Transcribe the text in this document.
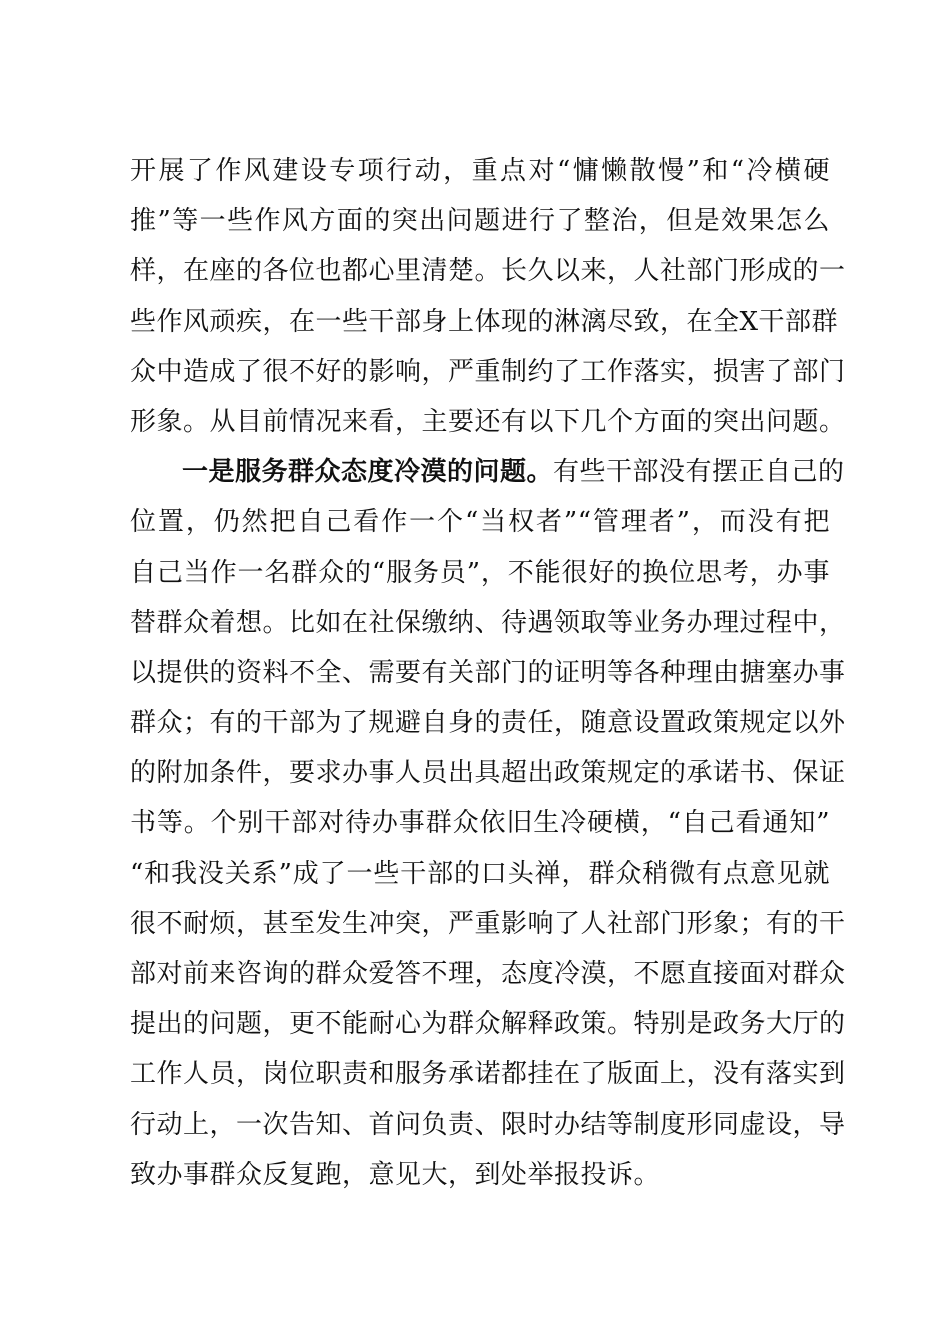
开展了作风建设专项行动，重点对“慵懒散慢”和“冷横硬
推”等一些作风方面的突出问题进行了整治，但是效果怎么
样，在座的各位也都心里清楚。长久以来，人社部门形成的一
些作风顽疾，在一些干部身上体现的淋漓尽致，在全X干部群
众中造成了很不好的影响，严重制约了工作落实，损害了部门
形象。从目前情况来看，主要还有以下几个方面的突出问题。
一是服务群众态度冷漠的问题。有些干部没有摆正自己的
位置，仍然把自己看作一个“当权者”“管理者”，而没有把
自己当作一名群众的“服务员”，不能很好的换位思考，办事
替群众着想。比如在社保缴纳、待遇领取等业务办理过程中，
以提供的资料不全、需要有关部门的证明等各种理由搪塞办事
群众；有的干部为了规避自身的责任，随意设置政策规定以外
的附加条件，要求办事人员出具超出政策规定的承诺书、保证
书等。个别干部对待办事群众依旧生冷硬横，“自己看通知”
“和我没关系”成了一些干部的口头禅，群众稍微有点意见就
很不耐烦，甚至发生冲突，严重影响了人社部门形象；有的干
部对前来咨询的群众爱答不理，态度冷漠，不愿直接面对群众
提出的问题，更不能耐心为群众解释政策。特别是政务大厅的
工作人员，岗位职责和服务承诺都挂在了版面上，没有落实到
行动上，一次告知、首问负责、限时办结等制度形同虚设，导
致办事群众反复跑，意见大，到处举报投诉。
